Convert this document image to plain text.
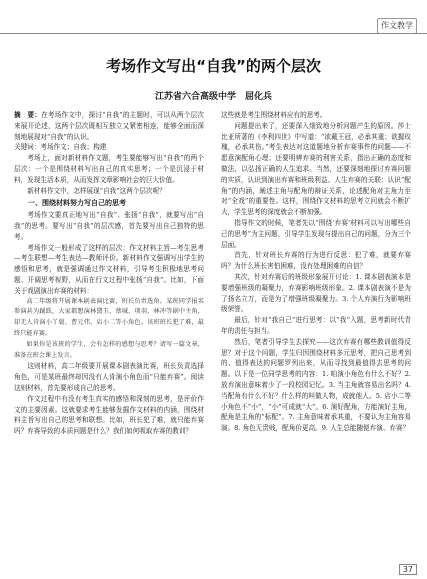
作文教学
考场作文写出“自我”的两个层次
江苏省六合高级中学　屈化兵

摘　要：在考场作文中，探讨“自我”的主题时，可以从两个层次来展开论述，这两个层次既相互独立又紧密相连，能够全面而深刻地展现对“自我”的认识。

关键词：考场作文；自我；构建

考场上，面对新材料作文题，考生要能够写出“自我”的两个层次：一个是围绕材料写出自己的真实思考；一个是沉浸于材料，发现生活本质，从而发挥文章影响社会的巨大价值。

新材料作文中，怎样展现“自我”这两个层次呢？

一、围绕材料努力写自己的思考

考场作文要真正地写出“自我”、张扬“自我”，就要写出“自我”的思考。要写出“自我”的层次感，首先要写出自己独特的思考。

考场作文一般形成了这样的层次：作文材料主旨—考生思考—考生联想—考生表达—教师评价。新材料作文强调写出学生的感悟和思考，就是强调通过作文材料，引导考生积极地思考问题、开阔思考视野，从而在行文过程中张扬“自我”。比如，下面关于戏剧演出弃赛的材料：

高二年级将开展课本剧表演比赛，班长负责选角。某班同学报名参演甚为踊跃，大家都想演林黛玉、蔡城、项羽、林冲等剧中主角，却无人肯演小丫鬟、曹元伟、店小二等小角色。该班班长犯了难，最终只能弃赛。

如果你是该班的学生，会有怎样的感想与思考？请写一篇文章，准备在班会课上发言。

这则材料，高二年级要开展课本剧表演比赛，班长负责选择角色，可是某班最终却因没有人肯演小角色而“只能弃赛”。阅读这则材料，首先要形成自己的思考。

作文过程中有没有考生真实的感悟和深刻的思考，是评价作文的主要因素。这就要求考生能够发掘作文材料的内涵，围绕材料主旨写出自己的思考和联想。比如，班长犯了难，就只能弃赛吗？弃赛导致的本质问题是什么？我们如何吸取弃赛的教训？

这些就是考生围绕材料应有的思考。

问题提出来了，还要深入细致地分析问题产生的原因。莎士比亚所著的《李利四世》中写道：“欲戴王冠，必承其重；欲握玫瑰，必承其伤。”考生表达对这道题地分析弃赛事件的问题——不愿意演配角心理；还要明辨弃赛的利害关系，指出正确的态度和做法，以弘扬正确的人生追求。当然，还要深刻地探讨弃赛问题的实质，认识到演出弃赛和班级利益、人生弃赛的关联：认识“配角”的内涵，阐述主角与配角的辩证关系，论述配角对主角力至对“全戏”的重要性。这样，围绕作文材料的思考立问就会不断扩大，学生思考的深度就会不断加强。

指导作文的时候，笔者先以“围绕‘弃赛’材料可以写出哪些自己的思考”为主问题，引导学生发现与提出自己的问题，分为三个层面。

首先，针对班长弃赛的行为进行反思：犯了难，就要弃赛吗？为什么班长害怕困难，没有处理困难的自信？

其次，针对弃赛后的班级形象展开讨论：1. 课本剧表演本是要增强班级的凝聚力，弃赛影响班级形象。2. 课本剧表演不是为了扬名立万，而是为了增强班级凝聚力。3. 个人弃演行为影响班级荣誉。

最后，针对“我自己”进行思考：以“我”入题，思考新时代青年的责任与担当。

然后，笔者引导学生去探究——这次弃赛有哪些教训值得反思？对于这个问题，学生归因围绕材料多元思考，把自己思考到的、值得表达的问题罗列出来，从而寻找到最值得去思考的问题。以下是一位同学思考的内容：1. 咱演小角色有什么不好？2. 放弃演出意味着少了一段校园记忆。3. 当主角就容易出名吗？4. 当配角有什么不好？什么样的叫做人物，成就他人。5. 店小二等小角色不“小”，“小”可成就“大”。6. 演好配角，方能演好主角，配角是主角的“标配”。7. 主角意味着承其重，不要认为主角容易演。8. 角色无贵贱，配角价更高。9. 人生总能随便弃演、弃赛？

37
